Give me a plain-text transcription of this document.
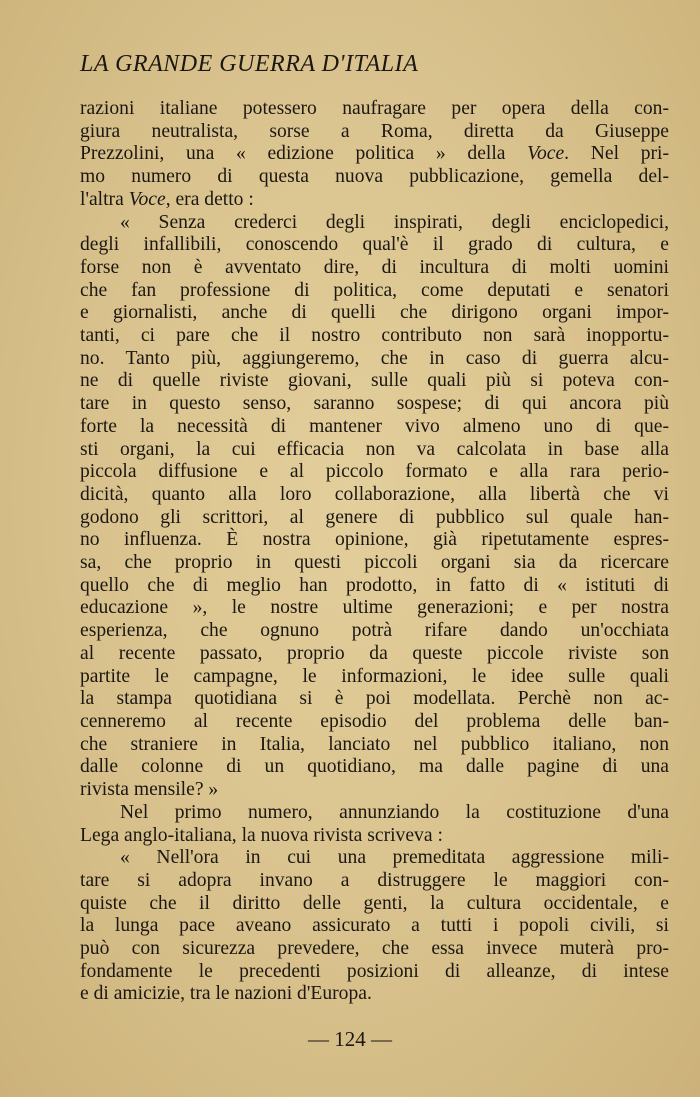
LA GRANDE GUERRA D'ITALIA
razioni italiane potessero naufragare per opera della con-
giura neutralista, sorse a Roma, diretta da Giuseppe
Prezzolini, una « edizione politica » della Voce. Nel pri-
mo numero di questa nuova pubblicazione, gemella del-
l'altra Voce, era detto :
« Senza crederci degli inspirati, degli enciclopedici,
degli infallibili, conoscendo qual'è il grado di cultura, e
forse non è avventato dire, di incultura di molti uomini
che fan professione di politica, come deputati e senatori
e giornalisti, anche di quelli che dirigono organi impor-
tanti, ci pare che il nostro contributo non sarà inopportu-
no. Tanto più, aggiungeremo, che in caso di guerra alcu-
ne di quelle riviste giovani, sulle quali più si poteva con-
tare in questo senso, saranno sospese; di qui ancora più
forte la necessità di mantener vivo almeno uno di que-
sti organi, la cui efficacia non va calcolata in base alla
piccola diffusione e al piccolo formato e alla rara perio-
dicità, quanto alla loro collaborazione, alla libertà che vi
godono gli scrittori, al genere di pubblico sul quale han-
no influenza. È nostra opinione, già ripetutamente espres-
sa, che proprio in questi piccoli organi sia da ricercare
quello che di meglio han prodotto, in fatto di « istituti di
educazione », le nostre ultime generazioni; e per nostra
esperienza, che ognuno potrà rifare dando un'occhiata
al recente passato, proprio da queste piccole riviste son
partite le campagne, le informazioni, le idee sulle quali
la stampa quotidiana si è poi modellata. Perchè non ac-
cenneremo al recente episodio del problema delle ban-
che straniere in Italia, lanciato nel pubblico italiano, non
dalle colonne di un quotidiano, ma dalle pagine di una
rivista mensile? »
Nel primo numero, annunziando la costituzione d'una
Lega anglo-italiana, la nuova rivista scriveva :
« Nell'ora in cui una premeditata aggressione mili-
tare si adopra invano a distruggere le maggiori con-
quiste che il diritto delle genti, la cultura occidentale, e
la lunga pace aveano assicurato a tutti i popoli civili, si
può con sicurezza prevedere, che essa invece muterà pro-
fondamente le precedenti posizioni di alleanze, di intese
e di amicizie, tra le nazioni d'Europa.
— 124 —
